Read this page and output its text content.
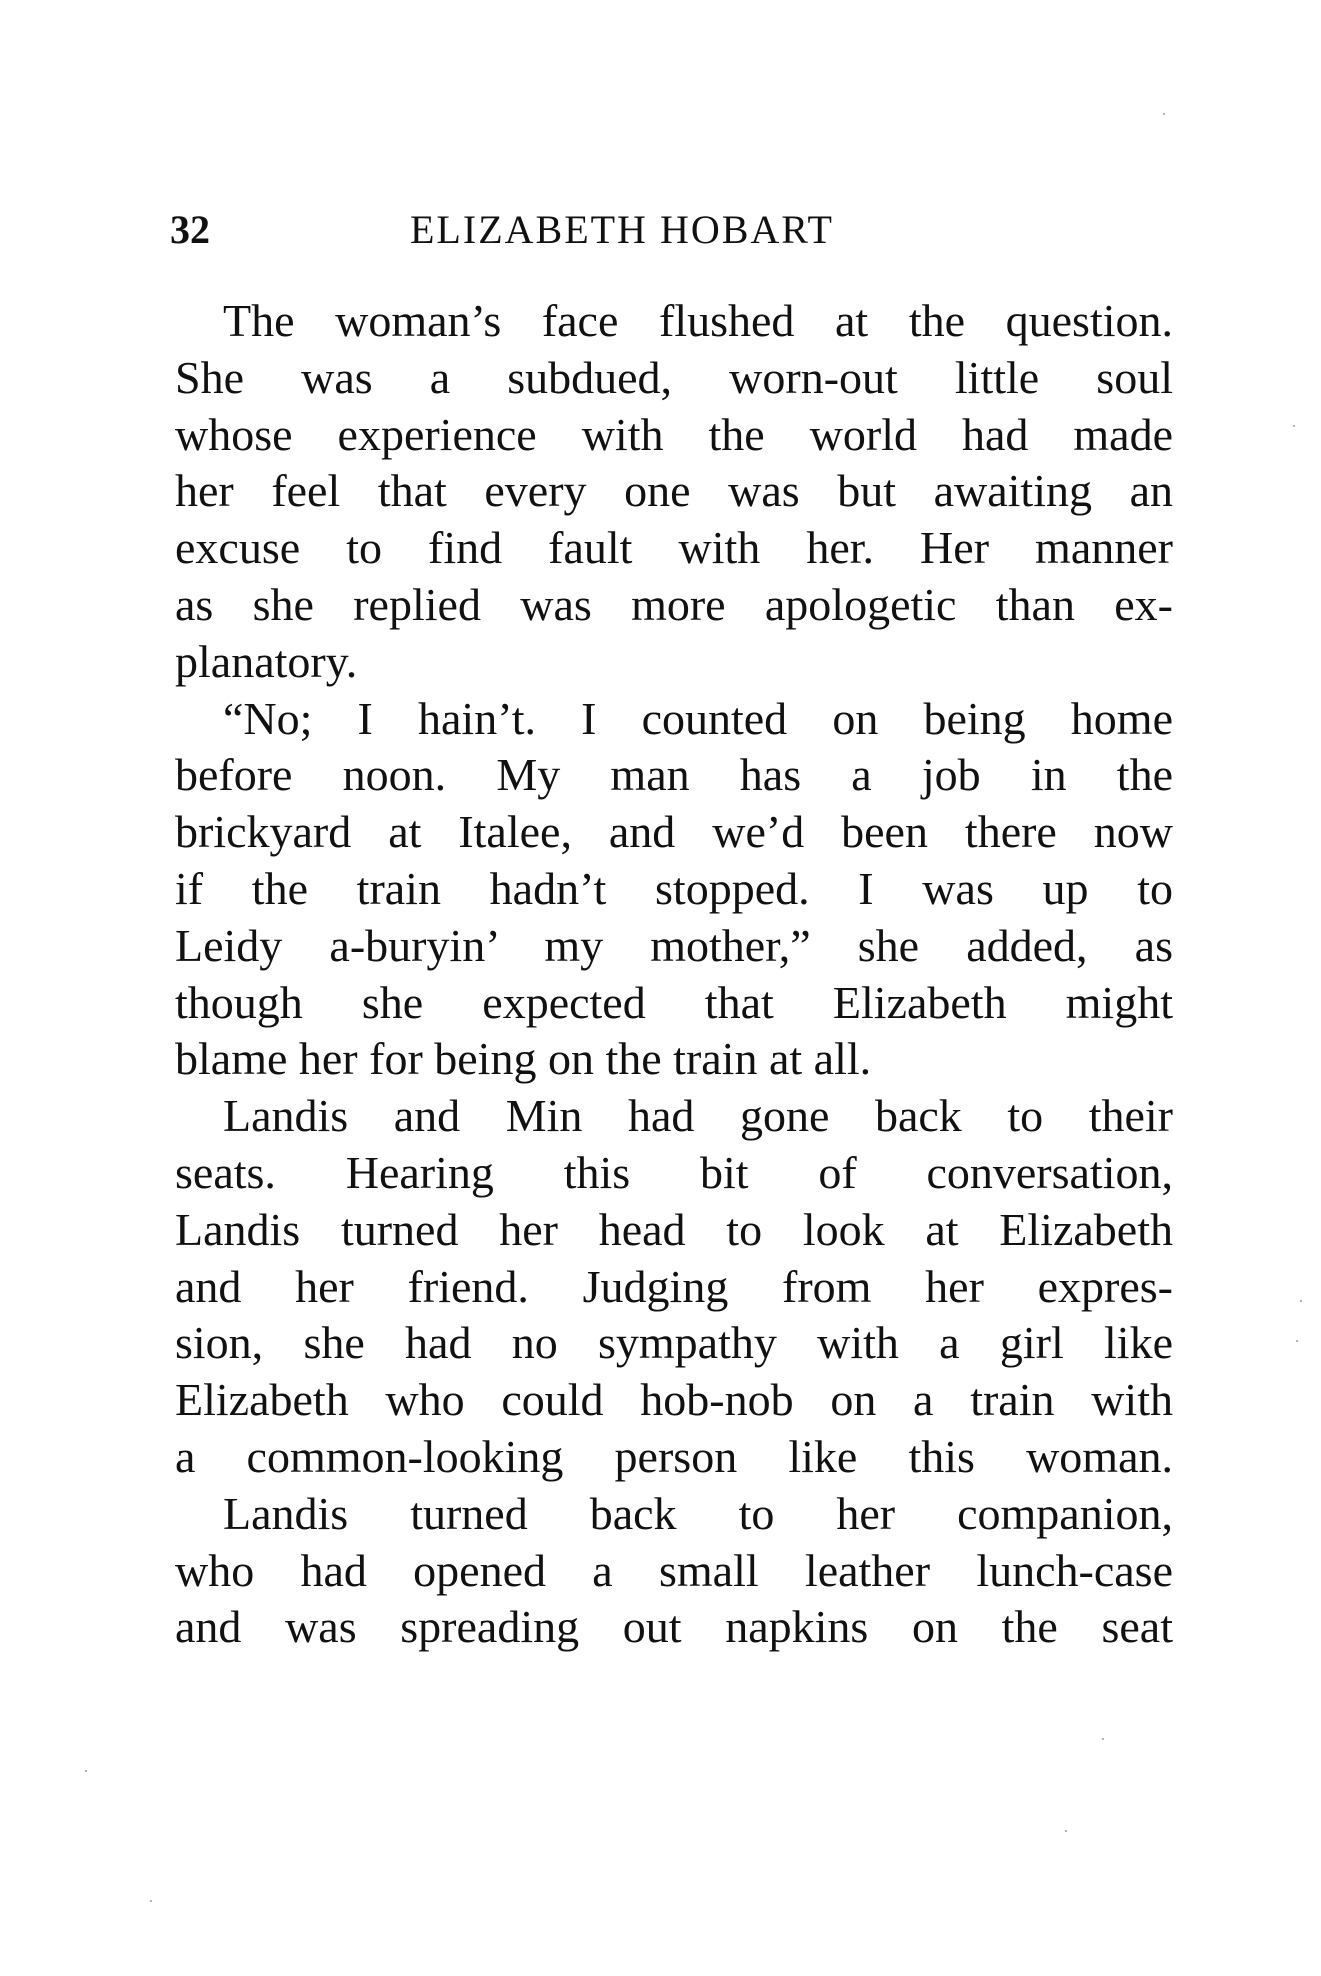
32	ELIZABETH HOBART
The woman’s face flushed at the question.
She was a subdued, worn-out little soul
whose experience with the world had made
her feel that every one was but awaiting an
excuse to find fault with her. Her manner
as she replied was more apologetic than ex-
planatory.
“No; I hain’t. I counted on being home
before noon. My man has a job in the
brickyard at Italee, and we’d been there now
if the train hadn’t stopped. I was up to
Leidy a-buryin’ my mother,” she added, as
though she expected that Elizabeth might
blame her for being on the train at all.
Landis and Min had gone back to their
seats. Hearing this bit of conversation,
Landis turned her head to look at Elizabeth
and her friend. Judging from her expres-
sion, she had no sympathy with a girl like
Elizabeth who could hob-nob on a train with
a common-looking person like this woman.
Landis turned back to her companion,
who had opened a small leather lunch-case
and was spreading out napkins on the seat
